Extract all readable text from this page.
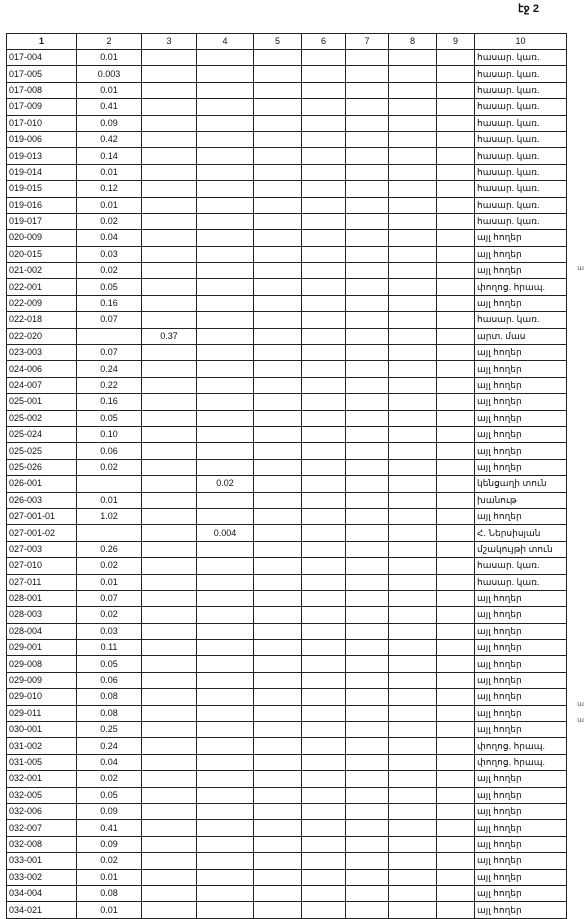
էջ 2
1	2	3	4	5	6	7	8	9	10
017-004	0.01								հասար. կառ.
017-005	0.003								հասար. կառ.
017-008	0.01								հասար. կառ.
017-009	0.41								հասար. կառ.
017-010	0.09								հասար. կառ.
019-006	0.42								հասար. կառ.
019-013	0.14								հասար. կառ.
019-014	0.01								հասար. կառ.
019-015	0.12								հասար. կառ.
019-016	0.01								հասար. կառ.
019-017	0.02								հասար. կառ.
020-009	0.04								այլ հողեր
020-015	0.03								այլ հողեր
021-002	0.02								այլ հողեր
022-001	0.05								փողոց. հրապ.
022-009	0.16								այլ հողեր
022-018	0.07								հասար. կառ.
022-020		0.37							արտ. մաս
023-003	0.07								այլ հողեր
024-006	0.24								այլ հողեր
024-007	0.22								այլ հողեր
025-001	0.16								այլ հողեր
025-002	0.05								այլ հողեր
025-024	0.10								այլ հողեր
025-025	0.06								այլ հողեր
025-026	0.02								այլ հողեր
026-001			0.02						կենցաղի տուն
026-003	0.01								խանութ
027-001-01	1.02								այլ հողեր
027-001-02			0.004						Հ. Ներսիսյան
027-003	0.26								մշակույթի տուն
027-010	0.02								հասար. կառ.
027-011	0.01								հասար. կառ.
028-001	0.07								այլ հողեր
028-003	0.02								այլ հողեր
028-004	0.03								այլ հողեր
029-001	0.11								այլ հողեր
029-008	0.05								այլ հողեր
029-009	0.06								այլ հողեր
029-010	0.08								այլ հողեր
029-011	0.08								այլ հողեր
030-001	0.25								այլ հողեր
031-002	0.24								փողոց. հրապ.
031-005	0.04								փողոց. հրապ.
032-001	0.02								այլ հողեր
032-005	0.05								այլ հողեր
032-006	0.09								այլ հողեր
032-007	0.41								այլ հողեր
032-008	0.09								այլ հողեր
033-001	0.02								այլ հողեր
033-002	0.01								այլ հողեր
034-004	0.08								այլ հողեր
034-021	0.01								այլ հողեր
ա
ա
ա
